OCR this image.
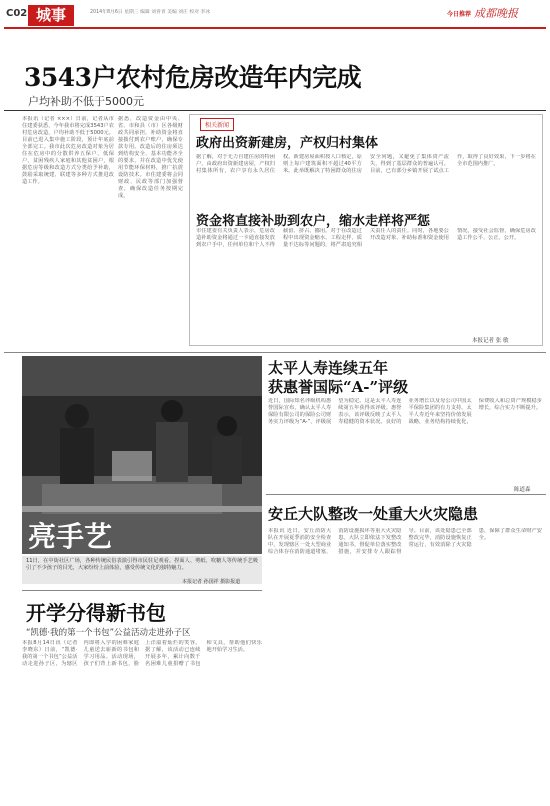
C02 城事	2014年8月6日 星期三 编辑 刘青青 美编 刘庄 校对 李冰	今日推荐 成都晚报
3543户农村危房改造年内完成
户均补助不低于5000元
本报讯（记者 ×××）日前，记者从市住建委获悉，今年我市将完成3543户农村危房改造，户均补助不低于5000元。目前已进入集中施工阶段，预计年底前全部完工。我市此次危房改造对象为居住在危房中的分散供养五保户、低保户、贫困残疾人家庭和其他贫困户，根据危房等级和改造方式分类给予补助，鼓励采取统建、联建等多种方式推进改造工作。
据悉，改造资金由中央、省、市和县（市）区各级财政共同承担，补助资金将直接拨付到农户账户，确保专款专用。改造后的住房须达到结构安全、基本功能齐全的要求，并在改造中优先使用节能环保材料，推广抗震设防技术。市住建委将会同财政、民政等部门加强督查，确保改造任务按期完成。
相关新闻
政府出资新建房，产权归村集体
据了解，对于无力自建住房的特困户，由政府出资新建房屋，产权归村集体所有，农户享有永久居住权。新建房屋面积按人口核定，原则上每户建筑面积不超过40平方米。此举既解决了特困群众的住房安全问题，又避免了集体资产流失，得到了基层群众的普遍认可。目前，已有部分乡镇开展了试点工作，取得了良好效果，下一步将在全市范围内推广。
资金将直接补助到农户，缩水走样将严惩
市住建委有关负责人表示，危房改造补助资金将通过一卡通直接发放到农户手中，任何单位和个人不得截留、挤占、挪用。对于在改造过程中出现资金缩水、工程走样、质量不达标等问题的，将严肃追究相关责任人的责任。同时，各地要公开改造对象、补助标准和资金使用情况，接受社会监督，确保危房改造工作公平、公正、公开。
本报记者 张 敏
亮手艺
11日，在中街社区广场，各种传统民俗表演引得市民驻足观看。捏面人、剪纸、吹糖人等传统手艺吸引了不少孩子的目光，大家纷纷上前体验，感受传统文化的独特魅力。
本报记者 孙国祥 摄影报道
太平人寿连续五年
获惠誉国际“A-”评级
近日，国际知名评级机构惠誉国际宣布，确认太平人寿保险有限公司的保险公司财务实力评级为“A-”，评级展望为稳定。这是太平人寿连续第五年获得该评级。惠誉表示，该评级反映了太平人寿稳健的资本状况、良好的业务增长以及母公司中国太平保险集团的有力支持。太平人寿近年来坚持价值发展战略，业务结构持续优化，保费收入和总资产规模稳步增长，综合实力不断提升。
陈道森
安丘大队整改一处重大火灾隐患
本报讯 近日，安丘消防大队在开展夏季消防安全检查中，发现辖区一处大型商业综合体存在消防通道堵塞、消防设施损坏等重大火灾隐患。大队立即依法下发整改通知书，督促单位落实整改措施，并安排专人跟踪督导。目前，该处隐患已全部整改完毕，消防设施恢复正常运行，有效消除了火灾隐患，保障了群众生命财产安全。
开学分得新书包
“凯德·我的第一个书包”公益活动走进孙子区
本报8月14日讯（记者 李晓东）日前，“凯德·我的第一个书包”公益活动走进孙子区，为辖区内即将入学的困难家庭儿童送去崭新的书包和学习用品。活动现场，孩子们背上新书包，脸上洋溢着灿烂的笑容。据了解，该活动已连续开展多年，累计向数千名困难儿童捐赠了书包和文具，帮助他们快乐地开始学习生活。
